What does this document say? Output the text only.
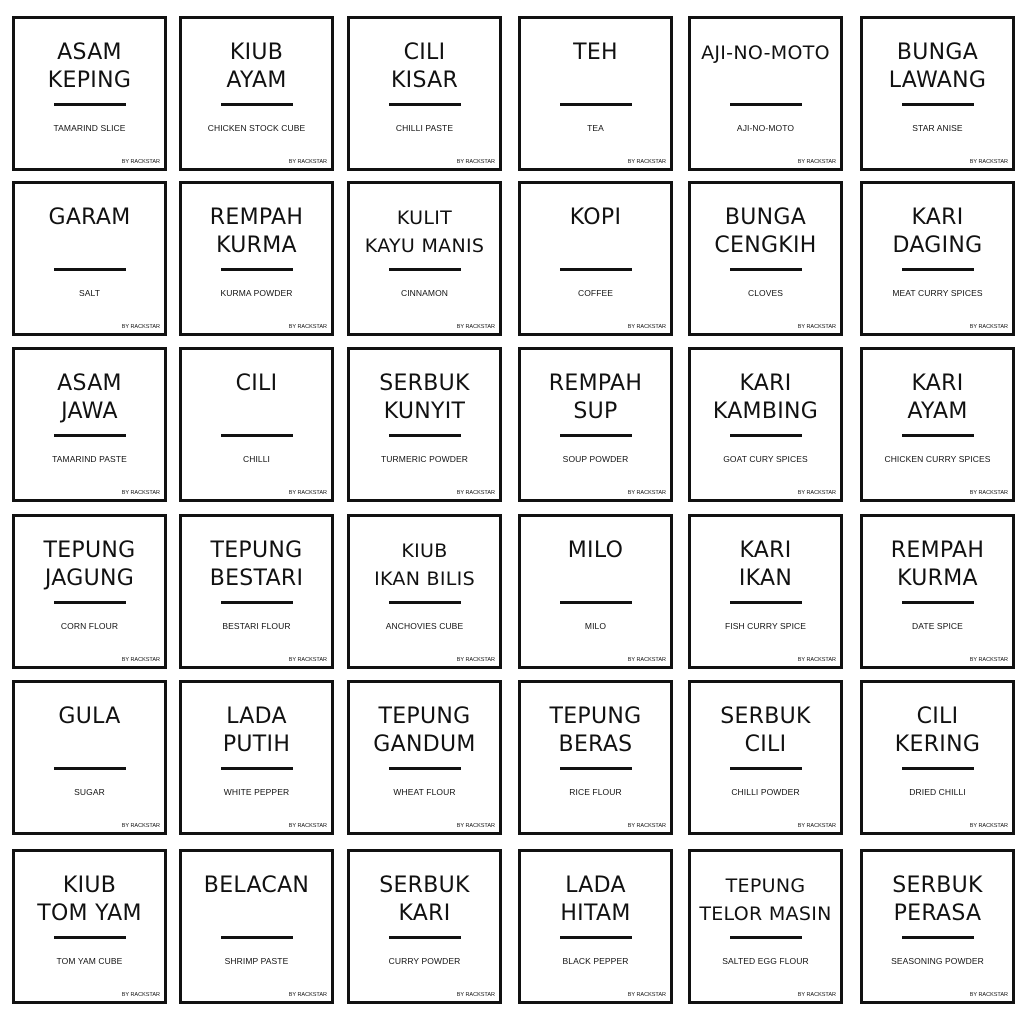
ASAM
KEPING
TAMARIND SLICE
BY RACKSTAR
KIUB
AYAM
CHICKEN STOCK CUBE
BY RACKSTAR
CILI
KISAR
CHILLI PASTE
BY RACKSTAR
TEH
TEA
BY RACKSTAR
AJI-NO-MOTO
AJI-NO-MOTO
BY RACKSTAR
BUNGA
LAWANG
STAR ANISE
BY RACKSTAR
GARAM
SALT
BY RACKSTAR
REMPAH
KURMA
KURMA POWDER
BY RACKSTAR
KULIT
KAYU MANIS
CINNAMON
BY RACKSTAR
KOPI
COFFEE
BY RACKSTAR
BUNGA
CENGKIH
CLOVES
BY RACKSTAR
KARI
DAGING
MEAT CURRY SPICES
BY RACKSTAR
ASAM
JAWA
TAMARIND PASTE
BY RACKSTAR
CILI
CHILLI
BY RACKSTAR
SERBUK
KUNYIT
TURMERIC POWDER
BY RACKSTAR
REMPAH
SUP
SOUP POWDER
BY RACKSTAR
KARI
KAMBING
GOAT CURY SPICES
BY RACKSTAR
KARI
AYAM
CHICKEN CURRY SPICES
BY RACKSTAR
TEPUNG
JAGUNG
CORN FLOUR
BY RACKSTAR
TEPUNG
BESTARI
BESTARI FLOUR
BY RACKSTAR
KIUB
IKAN BILIS
ANCHOVIES CUBE
BY RACKSTAR
MILO
MILO
BY RACKSTAR
KARI
IKAN
FISH CURRY SPICE
BY RACKSTAR
REMPAH
KURMA
DATE SPICE
BY RACKSTAR
GULA
SUGAR
BY RACKSTAR
LADA
PUTIH
WHITE PEPPER
BY RACKSTAR
TEPUNG
GANDUM
WHEAT FLOUR
BY RACKSTAR
TEPUNG
BERAS
RICE FLOUR
BY RACKSTAR
SERBUK
CILI
CHILLI POWDER
BY RACKSTAR
CILI
KERING
DRIED CHILLI
BY RACKSTAR
KIUB
TOM YAM
TOM YAM CUBE
BY RACKSTAR
BELACAN
SHRIMP PASTE
BY RACKSTAR
SERBUK
KARI
CURRY POWDER
BY RACKSTAR
LADA
HITAM
BLACK PEPPER
BY RACKSTAR
TEPUNG
TELOR MASIN
SALTED EGG FLOUR
BY RACKSTAR
SERBUK
PERASA
SEASONING POWDER
BY RACKSTAR
